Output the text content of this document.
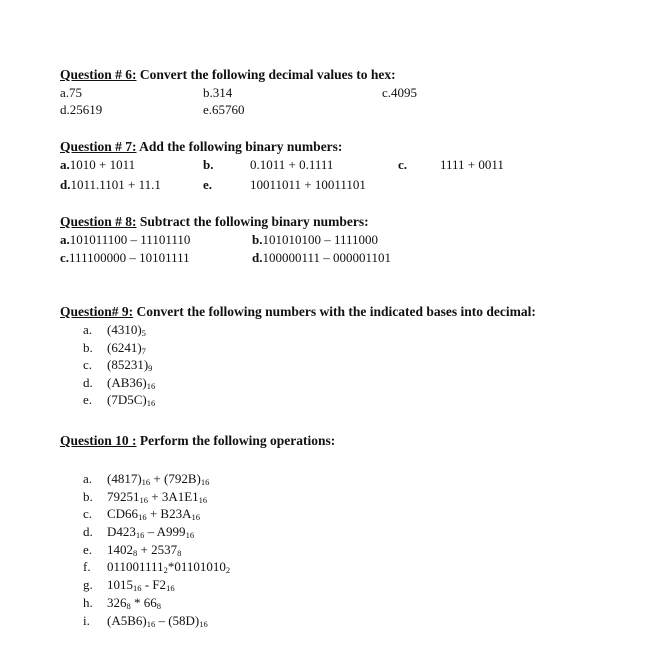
Question # 6: Convert the following decimal values to hex:
a.75	b.314	c.4095
d.25619	e.65760
Question # 7: Add the following binary numbers:
a.1010 + 1011	b.	0.1011 + 0.1111	c.	1111 + 0011
d.1011.1101 + 11.1	e.	10011011 + 10011101
Question # 8: Subtract the following binary numbers:
a.101011100 – 11101110	b.101010100 – 1111000
c.111100000 – 10101111	d.100000111 – 000001101
Question# 9: Convert the following numbers with the indicated bases into decimal:
a. $(4310)_5$
b. $(6241)_7$
c. $(85231)_9$
d. $(AB36)_{16}$
e. $(7D5C)_{16}$
Question 10 : Perform the following operations:
a. $(4817)_{16} + (792B)_{16}$
b. $79251_{16} + 3A1E1_{16}$
c. $CD66_{16} + B23A_{16}$
d. $D423_{16} - A999_{16}$
e. $1402_8 + 2537_8$
f. $011001111_2*01101010_2$
g. $1015_{16} - F2_{16}$
h. $326_8 * 66_8$
i. $(A5B6)_{16} - (58D)_{16}$
